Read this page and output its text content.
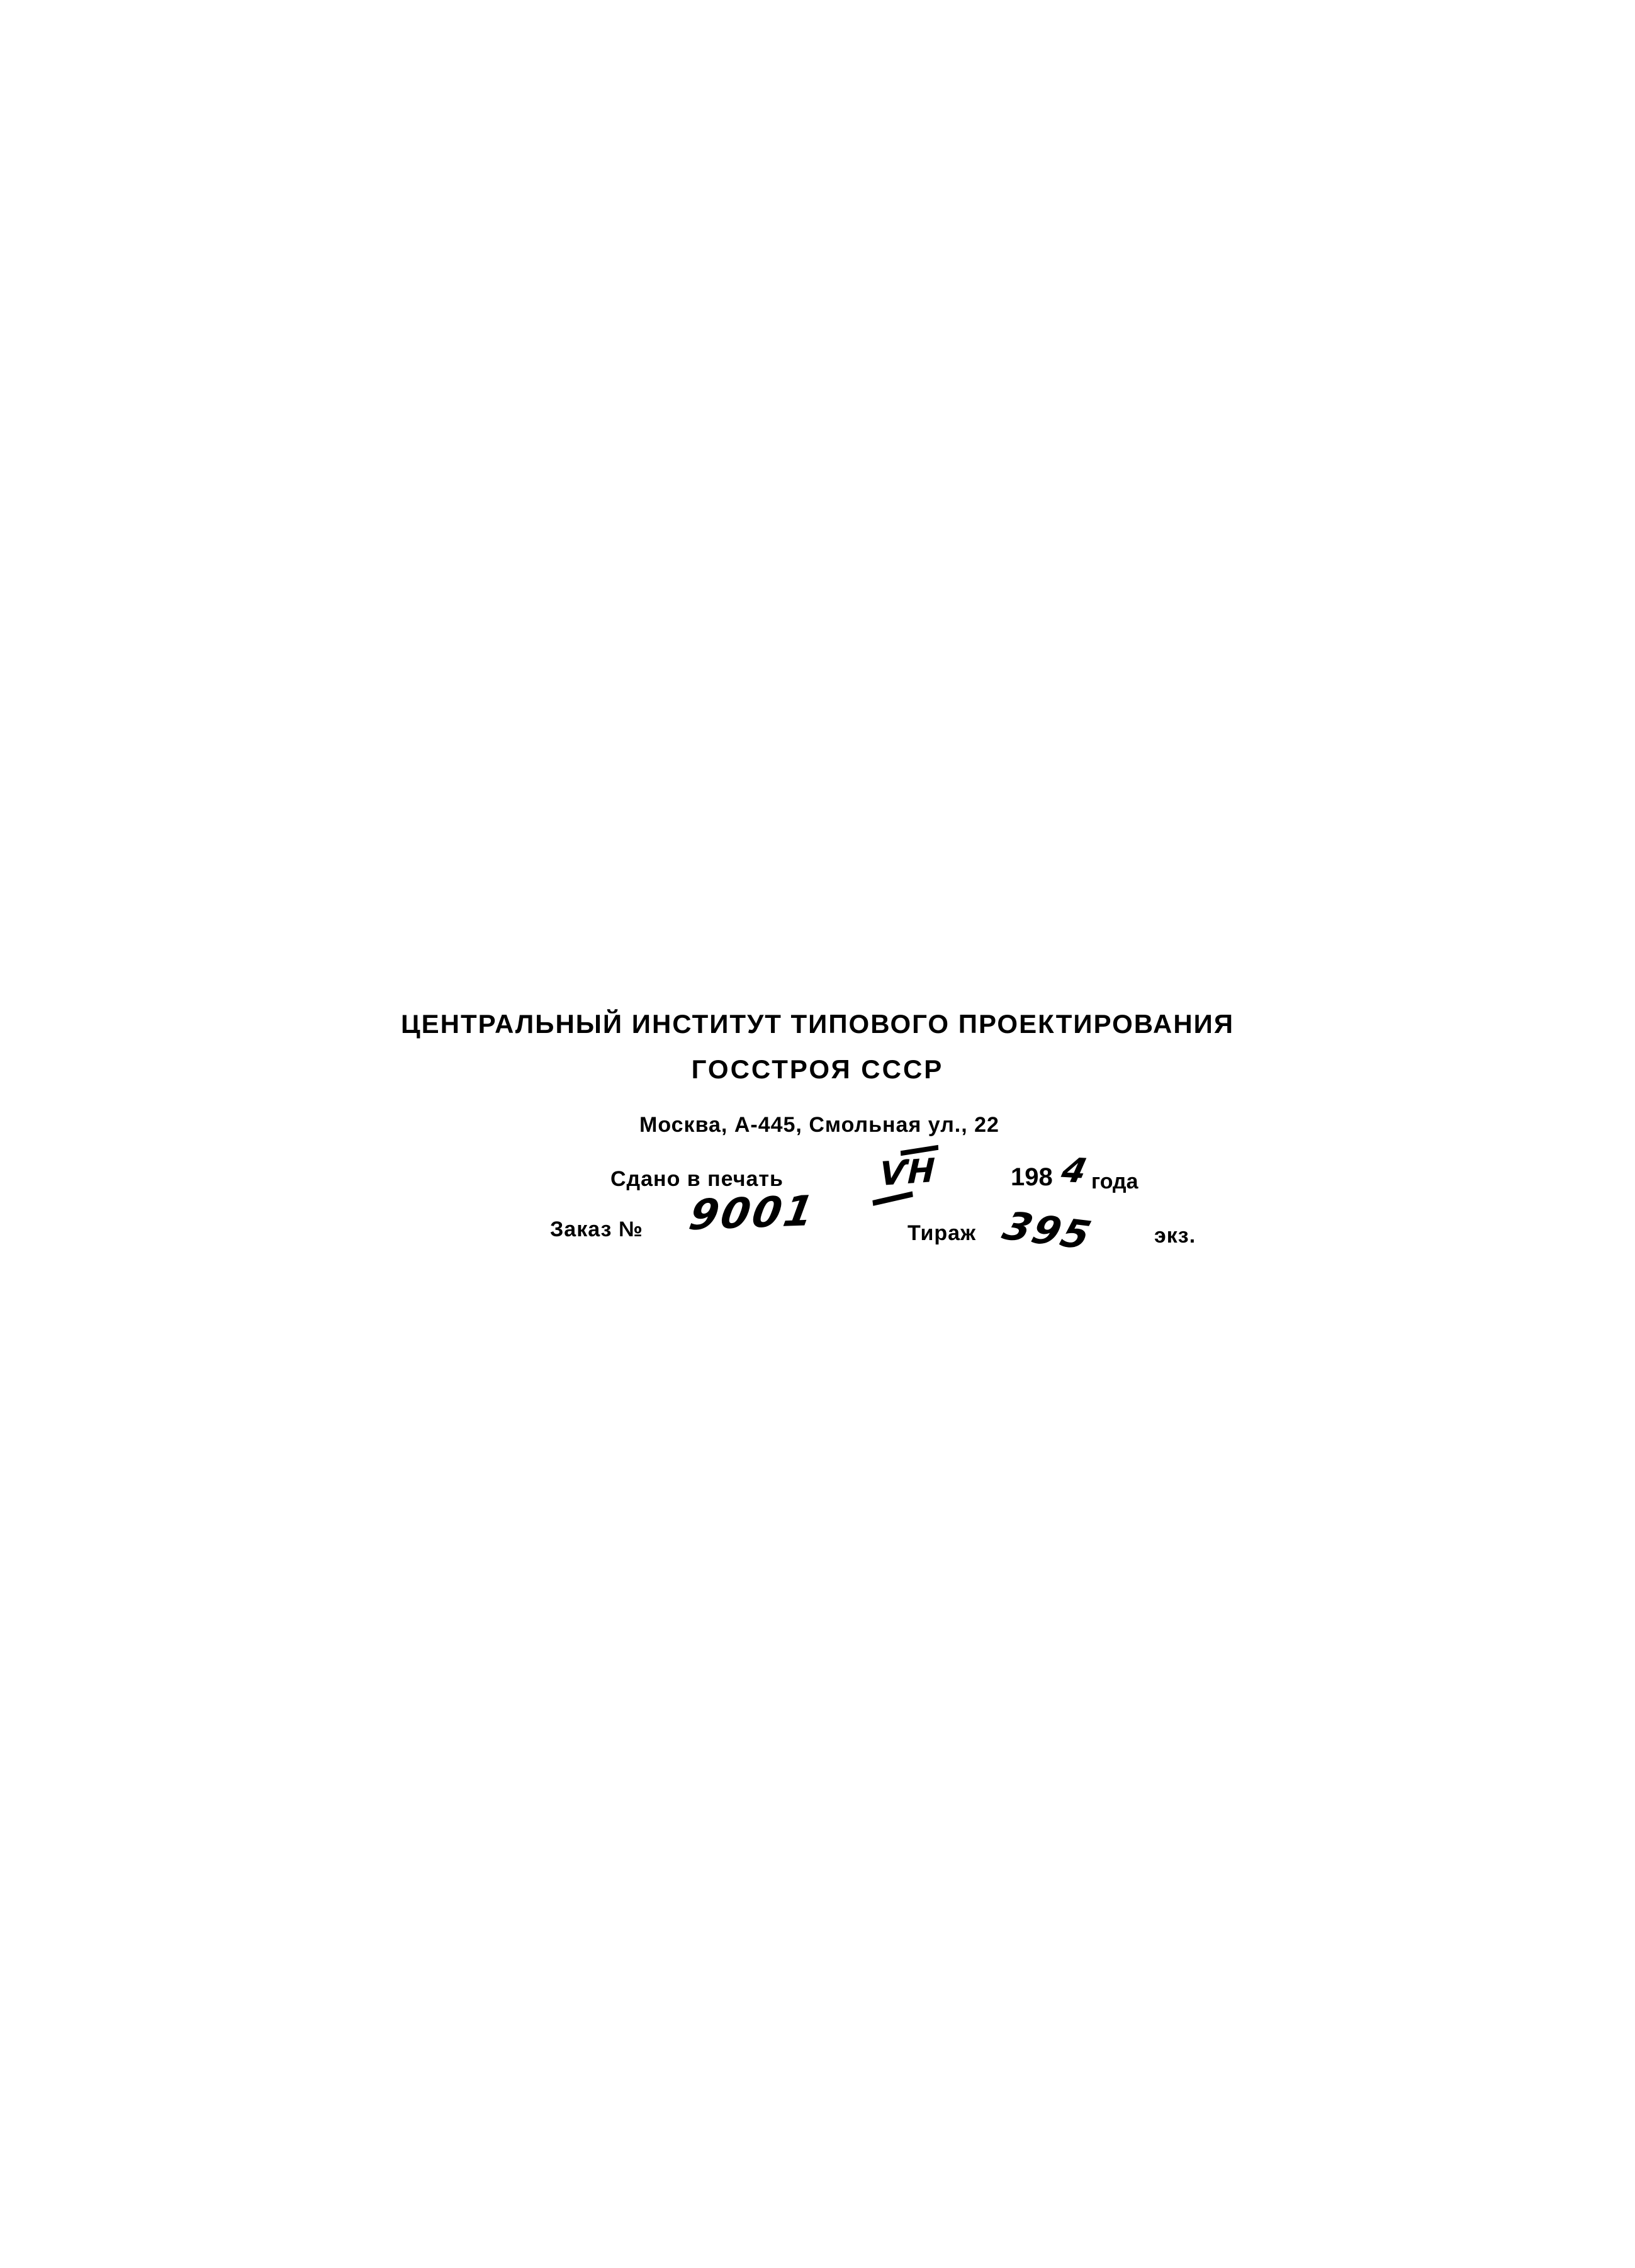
ЦЕНТРАЛЬНЫЙ ИНСТИТУТ ТИПОВОГО ПРОЕКТИРОВАНИЯ
ГОССТРОЯ СССР
Москва, А-445, Смольная ул., 22
Сдано в печать	ѴН	198 4 года
Заказ № 9001	Тираж 395	экз.
